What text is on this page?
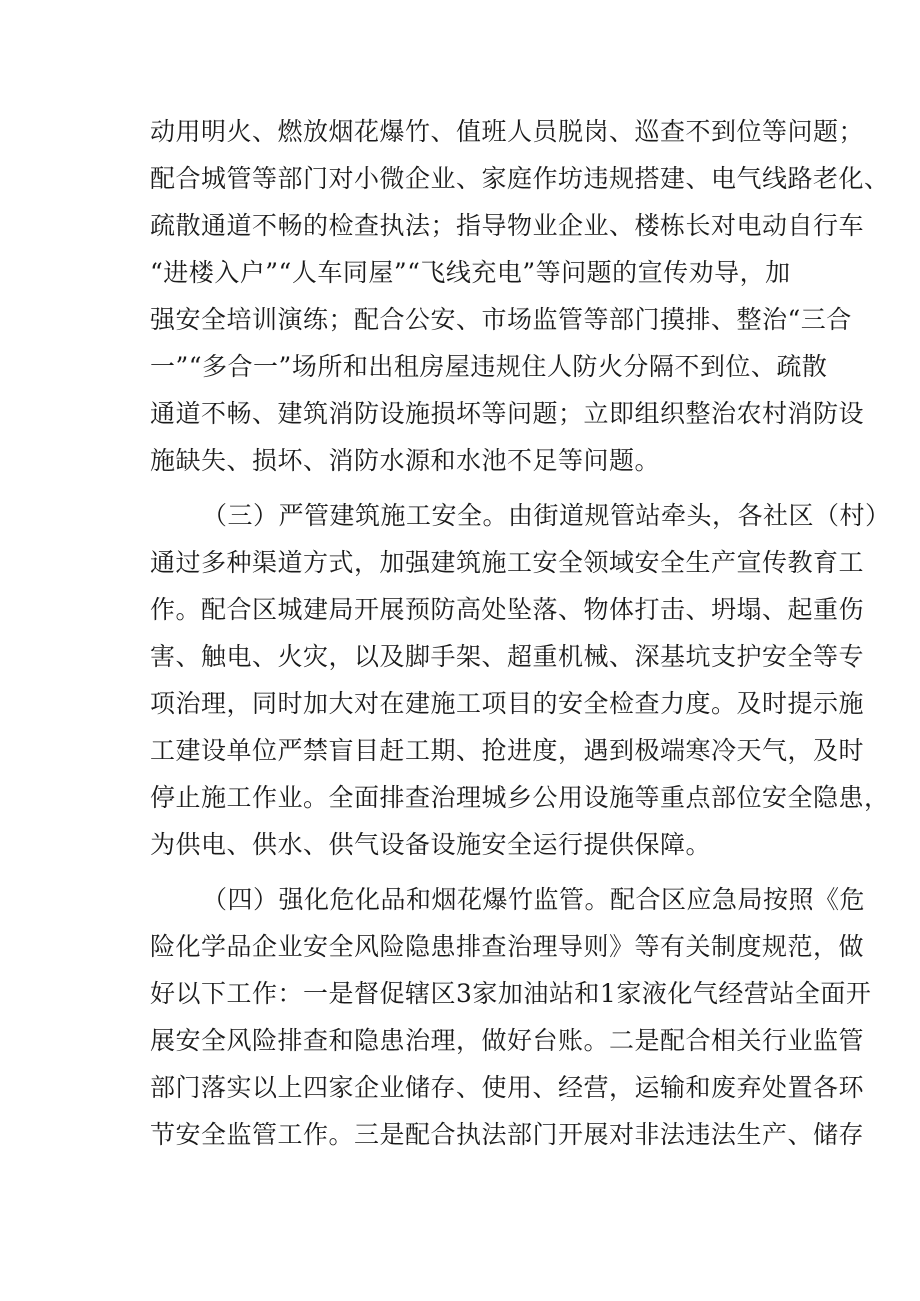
动用明火、燃放烟花爆竹、值班人员脱岗、巡查不到位等问题；
配合城管等部门对小微企业、家庭作坊违规搭建、电气线路老化、
疏散通道不畅的检查执法；指导物业企业、楼栋长对电动自行车
“进楼入户”“人车同屋”“飞线充电”等问题的宣传劝导，加
强安全培训演练；配合公安、市场监管等部门摸排、整治“三合
一”“多合一”场所和出租房屋违规住人防火分隔不到位、疏散
通道不畅、建筑消防设施损坏等问题；立即组织整治农村消防设
施缺失、损坏、消防水源和水池不足等问题。
（三）严管建筑施工安全。由街道规管站牵头，各社区（村）
通过多种渠道方式，加强建筑施工安全领域安全生产宣传教育工
作。配合区城建局开展预防高处坠落、物体打击、坍塌、起重伤
害、触电、火灾，以及脚手架、超重机械、深基坑支护安全等专
项治理，同时加大对在建施工项目的安全检查力度。及时提示施
工建设单位严禁盲目赶工期、抢进度，遇到极端寒冷天气，及时
停止施工作业。全面排查治理城乡公用设施等重点部位安全隐患，
为供电、供水、供气设备设施安全运行提供保障。
（四）强化危化品和烟花爆竹监管。配合区应急局按照《危
险化学品企业安全风险隐患排查治理导则》等有关制度规范，做
好以下工作：一是督促辖区3家加油站和1家液化气经营站全面开
展安全风险排查和隐患治理，做好台账。二是配合相关行业监管
部门落实以上四家企业储存、使用、经营，运输和废弃处置各环
节安全监管工作。三是配合执法部门开展对非法违法生产、储存
